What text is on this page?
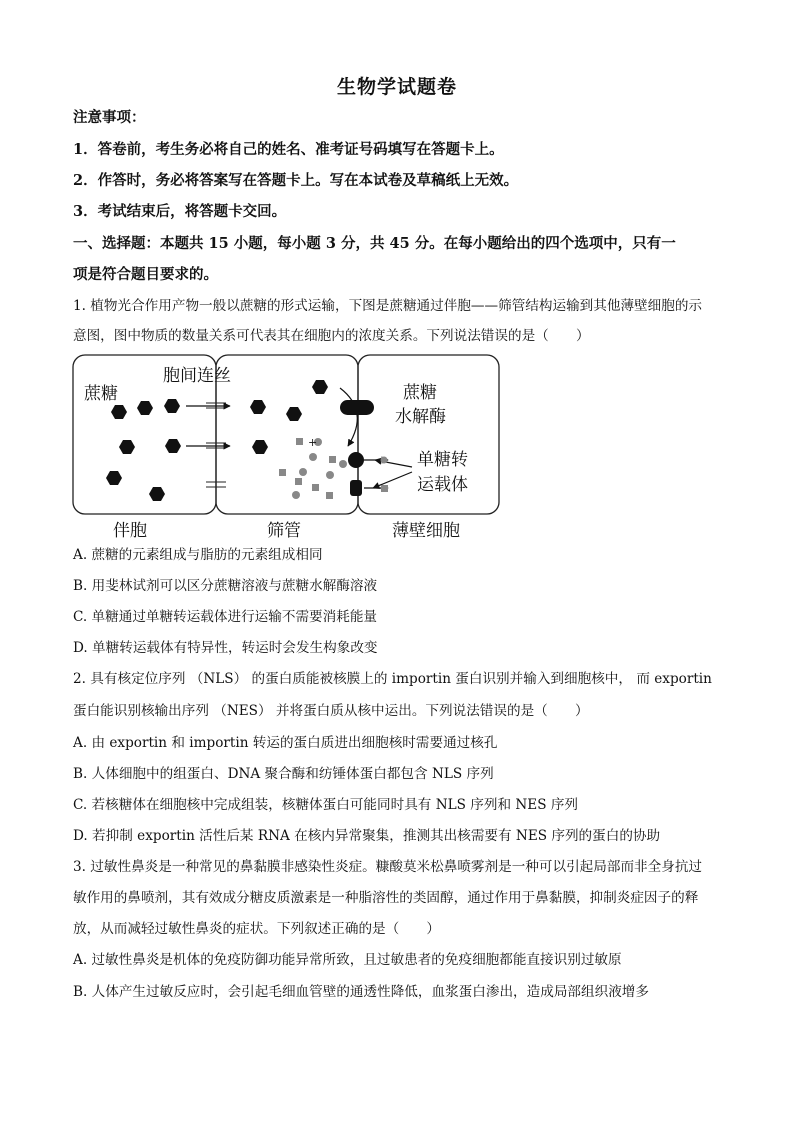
生物学试题卷
注意事项：
1．答卷前，考生务必将自己的姓名、准考证号码填写在答题卡上。
2．作答时，务必将答案写在答题卡上。写在本试卷及草稿纸上无效。
3．考试结束后，将答题卡交回。
一、选择题：本题共 15 小题，每小题 3 分，共 45 分。在每小题给出的四个选项中，只有一
项是符合题目要求的。
1. 植物光合作用产物一般以蔗糖的形式运输，下图是蔗糖通过伴胞——筛管结构运输到其他薄壁细胞的示
意图，图中物质的数量关系可代表其在细胞内的浓度关系。下列说法错误的是（　　）
+
蔗糖
胞间连丝
蔗糖
水解酶
单糖转
运载体
伴胞	筛管	薄壁细胞
A. 蔗糖的元素组成与脂肪的元素组成相同
B. 用斐林试剂可以区分蔗糖溶液与蔗糖水解酶溶液
C. 单糖通过单糖转运载体进行运输不需要消耗能量
D. 单糖转运载体有特异性，转运时会发生构象改变
2. 具有核定位序列 （NLS） 的蛋白质能被核膜上的 importin 蛋白识别并输入到细胞核中， 而 exportin
蛋白能识别核输出序列 （NES） 并将蛋白质从核中运出。下列说法错误的是（　　）
A. 由 exportin 和 importin 转运的蛋白质进出细胞核时需要通过核孔
B. 人体细胞中的组蛋白、DNA 聚合酶和纺锤体蛋白都包含 NLS 序列
C. 若核糖体在细胞核中完成组装，核糖体蛋白可能同时具有 NLS 序列和 NES 序列
D. 若抑制 exportin 活性后某 RNA 在核内异常聚集，推测其出核需要有 NES 序列的蛋白的协助
3. 过敏性鼻炎是一种常见的鼻黏膜非感染性炎症。糠酸莫米松鼻喷雾剂是一种可以引起局部而非全身抗过
敏作用的鼻喷剂，其有效成分糖皮质激素是一种脂溶性的类固醇，通过作用于鼻黏膜，抑制炎症因子的释
放，从而减轻过敏性鼻炎的症状。下列叙述正确的是（　　）
A. 过敏性鼻炎是机体的免疫防御功能异常所致，且过敏患者的免疫细胞都能直接识别过敏原
B. 人体产生过敏反应时，会引起毛细血管壁的通透性降低，血浆蛋白渗出，造成局部组织液增多
